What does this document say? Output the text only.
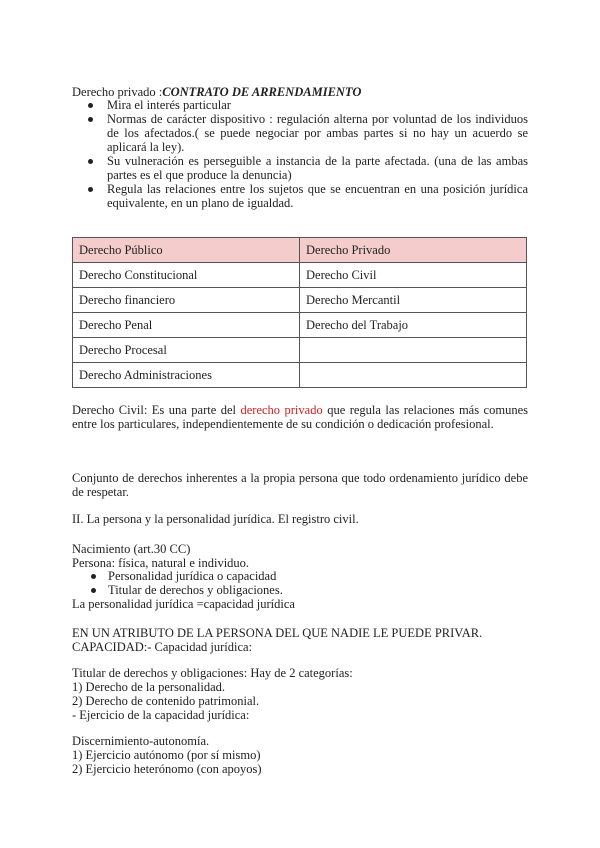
Derecho privado :CONTRATO DE ARRENDAMIENTO
Mira el interés particular
Normas de carácter dispositivo : regulación alterna por voluntad de los individuos de los afectados.( se puede negociar por ambas partes si no hay un acuerdo se aplicará la ley).
Su vulneración es perseguible a instancia de la parte afectada. (una de las ambas partes es el que produce la denuncia)
Regula las relaciones entre los sujetos que se encuentran en una posición jurídica equivalente, en un plano de igualdad.
Derecho Público	Derecho Privado
Derecho Constitucional	Derecho Civil
Derecho financiero	Derecho Mercantil
Derecho Penal	Derecho del Trabajo
Derecho Procesal	
Derecho Administraciones	
Derecho Civil: Es una parte del derecho privado que regula las relaciones más comunes entre los particulares, independientemente de su condición o dedicación profesional.
Conjunto de derechos inherentes a la propia persona que todo ordenamiento jurídico debe de respetar.
II. La persona y la personalidad jurídica. El registro civil.
Nacimiento (art.30 CC)
Persona: física, natural e individuo.
Personalidad jurídica o capacidad
Titular de derechos y obligaciones.
La personalidad jurídica =capacidad jurídica
EN UN ATRIBUTO DE LA PERSONA DEL QUE NADIE LE PUEDE PRIVAR.
CAPACIDAD:- Capacidad jurídica:
Titular de derechos y obligaciones: Hay de 2 categorías:
1) Derecho de la personalidad.
2) Derecho de contenido patrimonial.
- Ejercicio de la capacidad jurídica:
Discernimiento-autonomía.
1) Ejercicio autónomo (por sí mismo)
2) Ejercicio heterónomo (con apoyos)
